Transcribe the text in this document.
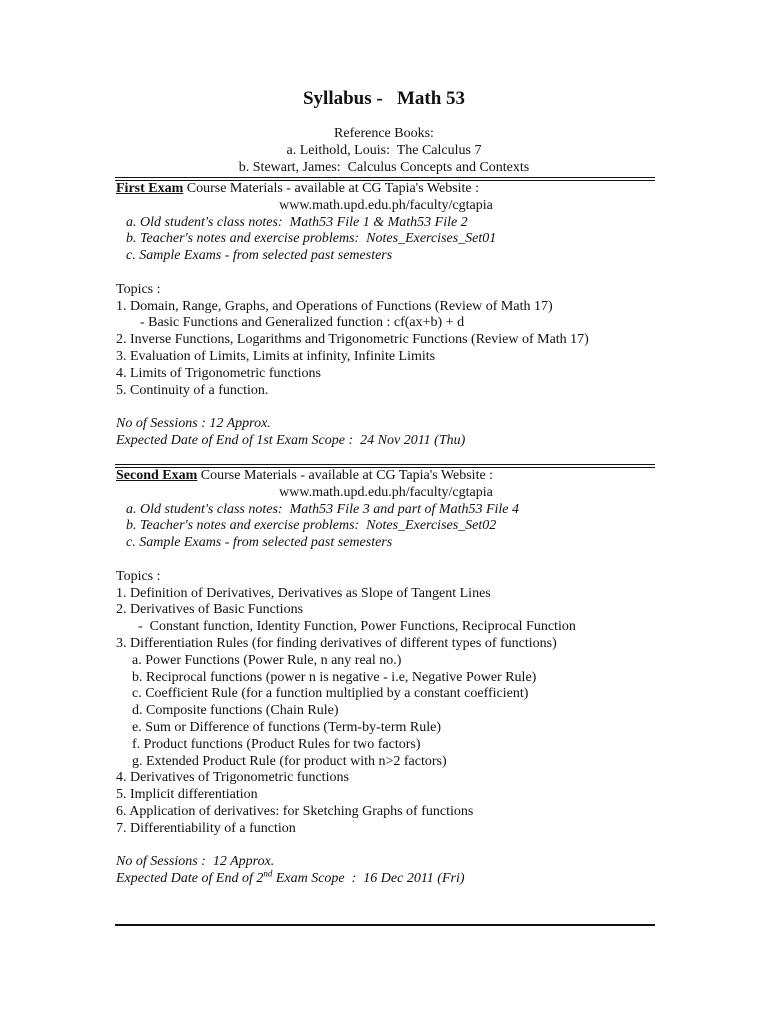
Syllabus -   Math 53
Reference Books:
a. Leithold, Louis:  The Calculus 7
b. Stewart, James:  Calculus Concepts and Contexts
First Exam Course Materials - available at CG Tapia's Website :
www.math.upd.edu.ph/faculty/cgtapia
a. Old student's class notes:  Math53 File 1 & Math53 File 2
b. Teacher's notes and exercise problems:  Notes_Exercises_Set01
c. Sample Exams - from selected past semesters
Topics :
1. Domain, Range, Graphs, and Operations of Functions (Review of Math 17)
- Basic Functions and Generalized function : cf(ax+b) + d
2. Inverse Functions, Logarithms and Trigonometric Functions (Review of Math 17)
3. Evaluation of Limits, Limits at infinity, Infinite Limits
4. Limits of Trigonometric functions
5. Continuity of a function.
No of Sessions : 12 Approx.
Expected Date of End of 1st Exam Scope :  24 Nov 2011 (Thu)
Second Exam Course Materials - available at CG Tapia's Website :
www.math.upd.edu.ph/faculty/cgtapia
a. Old student's class notes:  Math53 File 3 and part of Math53 File 4
b. Teacher's notes and exercise problems:  Notes_Exercises_Set02
c. Sample Exams - from selected past semesters
Topics :
1. Definition of Derivatives, Derivatives as Slope of Tangent Lines
2. Derivatives of Basic Functions
-  Constant function, Identity Function, Power Functions, Reciprocal Function
3. Differentiation Rules (for finding derivatives of different types of functions)
a. Power Functions (Power Rule, n any real no.)
b. Reciprocal functions (power n is negative - i.e, Negative Power Rule)
c. Coefficient Rule (for a function multiplied by a constant coefficient)
d. Composite functions (Chain Rule)
e. Sum or Difference of functions (Term-by-term Rule)
f. Product functions (Product Rules for two factors)
g. Extended Product Rule (for product with n>2 factors)
4. Derivatives of Trigonometric functions
5. Implicit differentiation
6. Application of derivatives: for Sketching Graphs of functions
7. Differentiability of a function
No of Sessions :  12 Approx.
Expected Date of End of 2nd Exam Scope  :  16 Dec 2011 (Fri)
